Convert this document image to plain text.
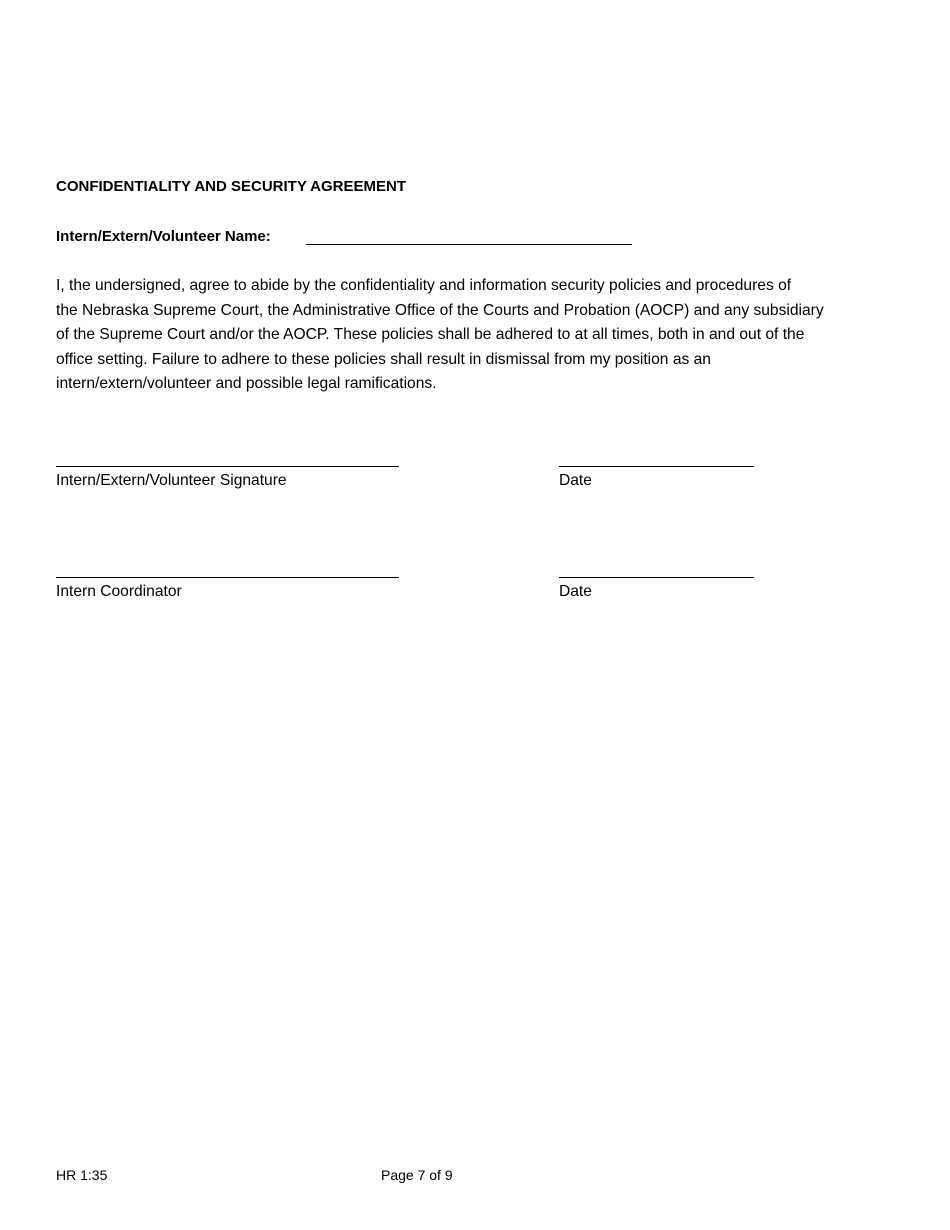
CONFIDENTIALITY AND SECURITY AGREEMENT
Intern/Extern/Volunteer Name:
I, the undersigned, agree to abide by the confidentiality and information security policies and procedures of
the Nebraska Supreme Court, the Administrative Office of the Courts and Probation (AOCP) and any subsidiary
of the Supreme Court and/or the AOCP. These policies shall be adhered to at all times, both in and out of the
office setting. Failure to adhere to these policies shall result in dismissal from my position as an
intern/extern/volunteer and possible legal ramifications.
Intern/Extern/Volunteer Signature	Date
Intern Coordinator	Date
HR 1:35	Page 7 of 9
